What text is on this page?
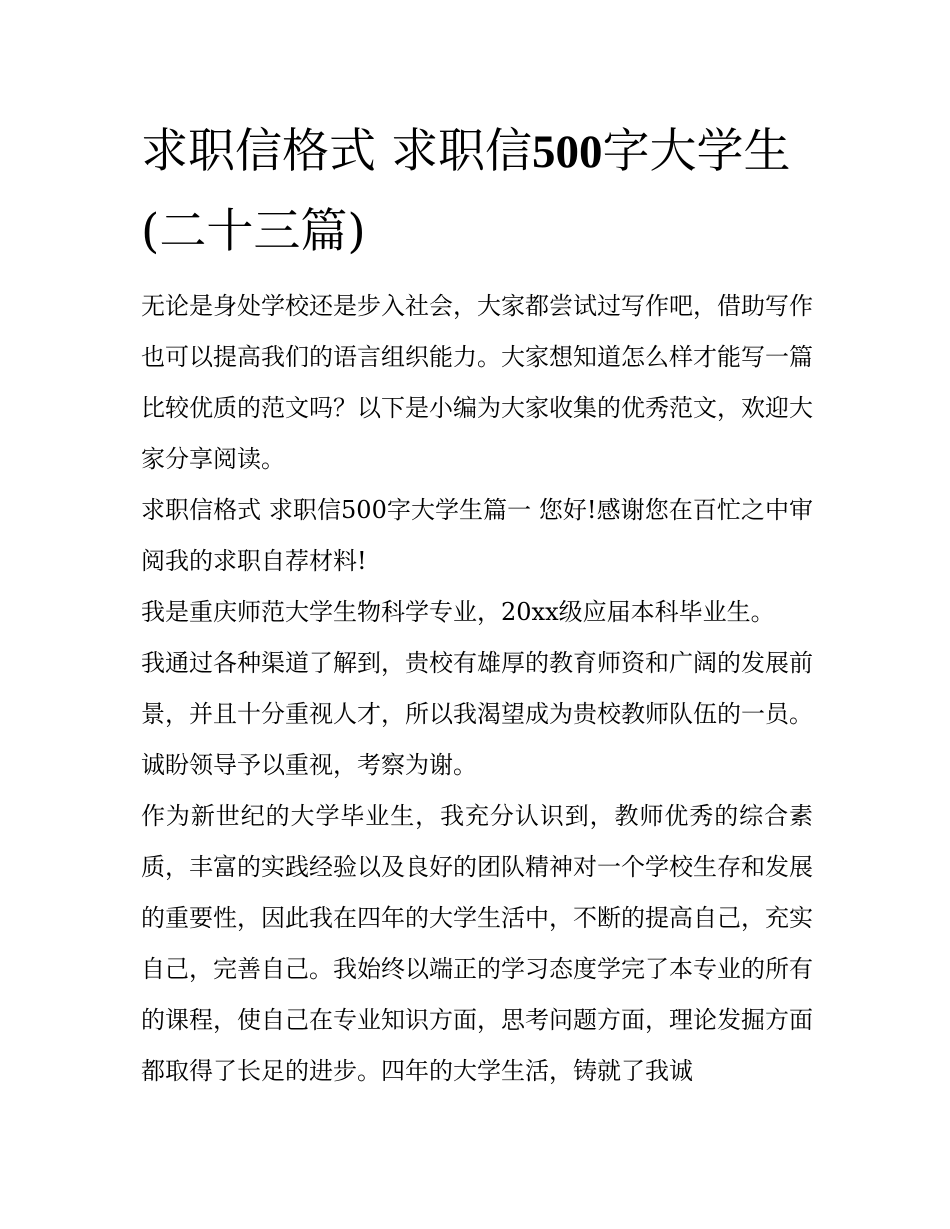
求职信格式 求职信500字大学生(二十三篇)

无论是身处学校还是步入社会，大家都尝试过写作吧，借助写作也可以提高我们的语言组织能力。大家想知道怎么样才能写一篇比较优质的范文吗？以下是小编为大家收集的优秀范文，欢迎大家分享阅读。

求职信格式 求职信500字大学生篇一 您好!感谢您在百忙之中审阅我的求职自荐材料!

我是重庆师范大学生物科学专业，20xx级应届本科毕业生。

我通过各种渠道了解到，贵校有雄厚的教育师资和广阔的发展前景，并且十分重视人才，所以我渴望成为贵校教师队伍的一员。诚盼领导予以重视，考察为谢。

作为新世纪的大学毕业生，我充分认识到，教师优秀的综合素质，丰富的实践经验以及良好的团队精神对一个学校生存和发展的重要性，因此我在四年的大学生活中，不断的提高自己，充实自己，完善自己。我始终以端正的学习态度学完了本专业的所有的课程，使自己在专业知识方面，思考问题方面，理论发掘方面都取得了长足的进步。四年的大学生活，铸就了我诚
